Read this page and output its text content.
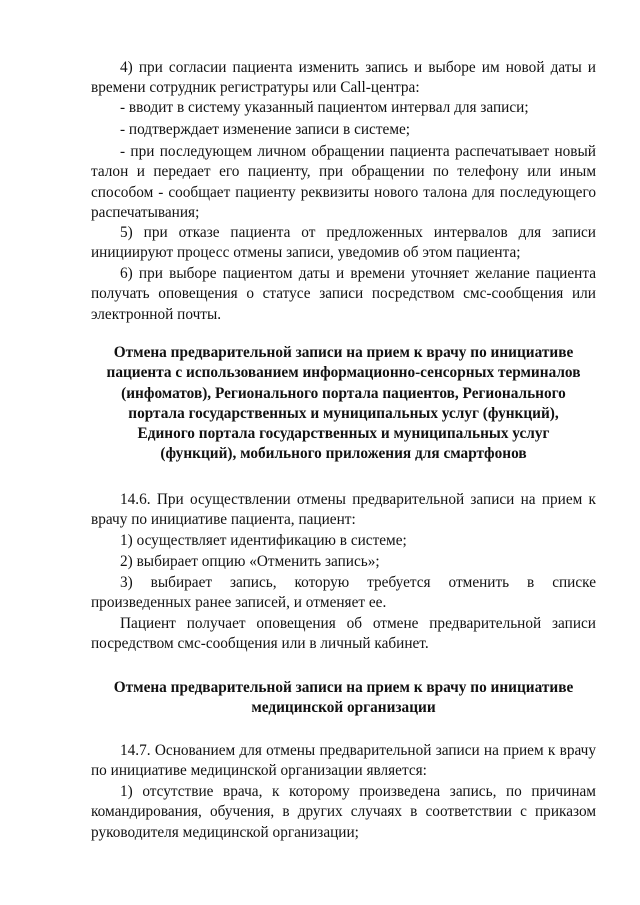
4) при согласии пациента изменить запись и выборе им новой даты и времени сотрудник регистратуры или Call-центра:

- вводит в систему указанный пациентом интервал для записи;

- подтверждает изменение записи в системе;

- при последующем личном обращении пациента распечатывает новый талон и передает его пациенту, при обращении по телефону или иным способом - сообщает пациенту реквизиты нового талона для последующего распечатывания;

5) при отказе пациента от предложенных интервалов для записи инициируют процесс отмены записи, уведомив об этом пациента;

6) при выборе пациентом даты и времени уточняет желание пациента получать оповещения о статусе записи посредством смс-сообщения или электронной почты.

Отмена предварительной записи на прием к врачу по инициативе пациента с использованием информационно-сенсорных терминалов (инфоматов), Регионального портала пациентов, Регионального портала государственных и муниципальных услуг (функций), Единого портала государственных и муниципальных услуг (функций), мобильного приложения для смартфонов

14.6. При осуществлении отмены предварительной записи на прием к врачу по инициативе пациента, пациент:

1) осуществляет идентификацию в системе;

2) выбирает опцию «Отменить запись»;

3) выбирает запись, которую требуется отменить в списке произведенных ранее записей, и отменяет ее.

Пациент получает оповещения об отмене предварительной записи посредством смс-сообщения или в личный кабинет.

Отмена предварительной записи на прием к врачу по инициативе медицинской организации

14.7. Основанием для отмены предварительной записи на прием к врачу по инициативе медицинской организации является:

1) отсутствие врача, к которому произведена запись, по причинам командирования, обучения, в других случаях в соответствии с приказом руководителя медицинской организации;
